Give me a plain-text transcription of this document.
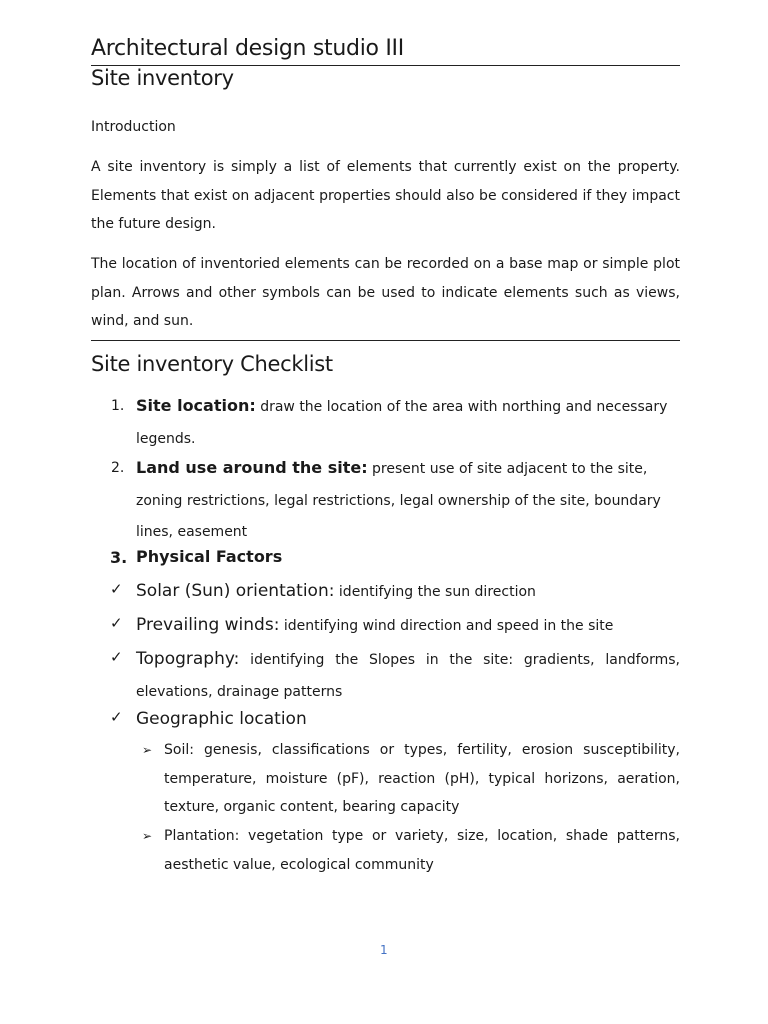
Architectural design studio III
Site inventory
Introduction

A site inventory is simply a list of elements that currently exist on the property. Elements that exist on adjacent properties should also be considered if they impact the future design.

The location of inventoried elements can be recorded on a base map or simple plot plan. Arrows and other symbols can be used to indicate elements such as views, wind, and sun.

Site inventory Checklist
1. Site location: draw the location of the area with northing and necessary legends.

2. Land use around the site: present use of site adjacent to the site, zoning restrictions, legal restrictions, legal ownership of the site, boundary lines, easement

3. Physical Factors

✓ Solar (Sun) orientation: identifying the sun direction

✓ Prevailing winds: identifying wind direction and speed in the site

✓ Topography: identifying the Slopes in the site: gradients, landforms, elevations, drainage patterns

✓ Geographic location

➢ Soil: genesis, classifications or types, fertility, erosion susceptibility, temperature, moisture (pF), reaction (pH), typical horizons, aeration, texture, organic content, bearing capacity

➢ Plantation: vegetation type or variety, size, location, shade patterns, aesthetic value, ecological community

1
